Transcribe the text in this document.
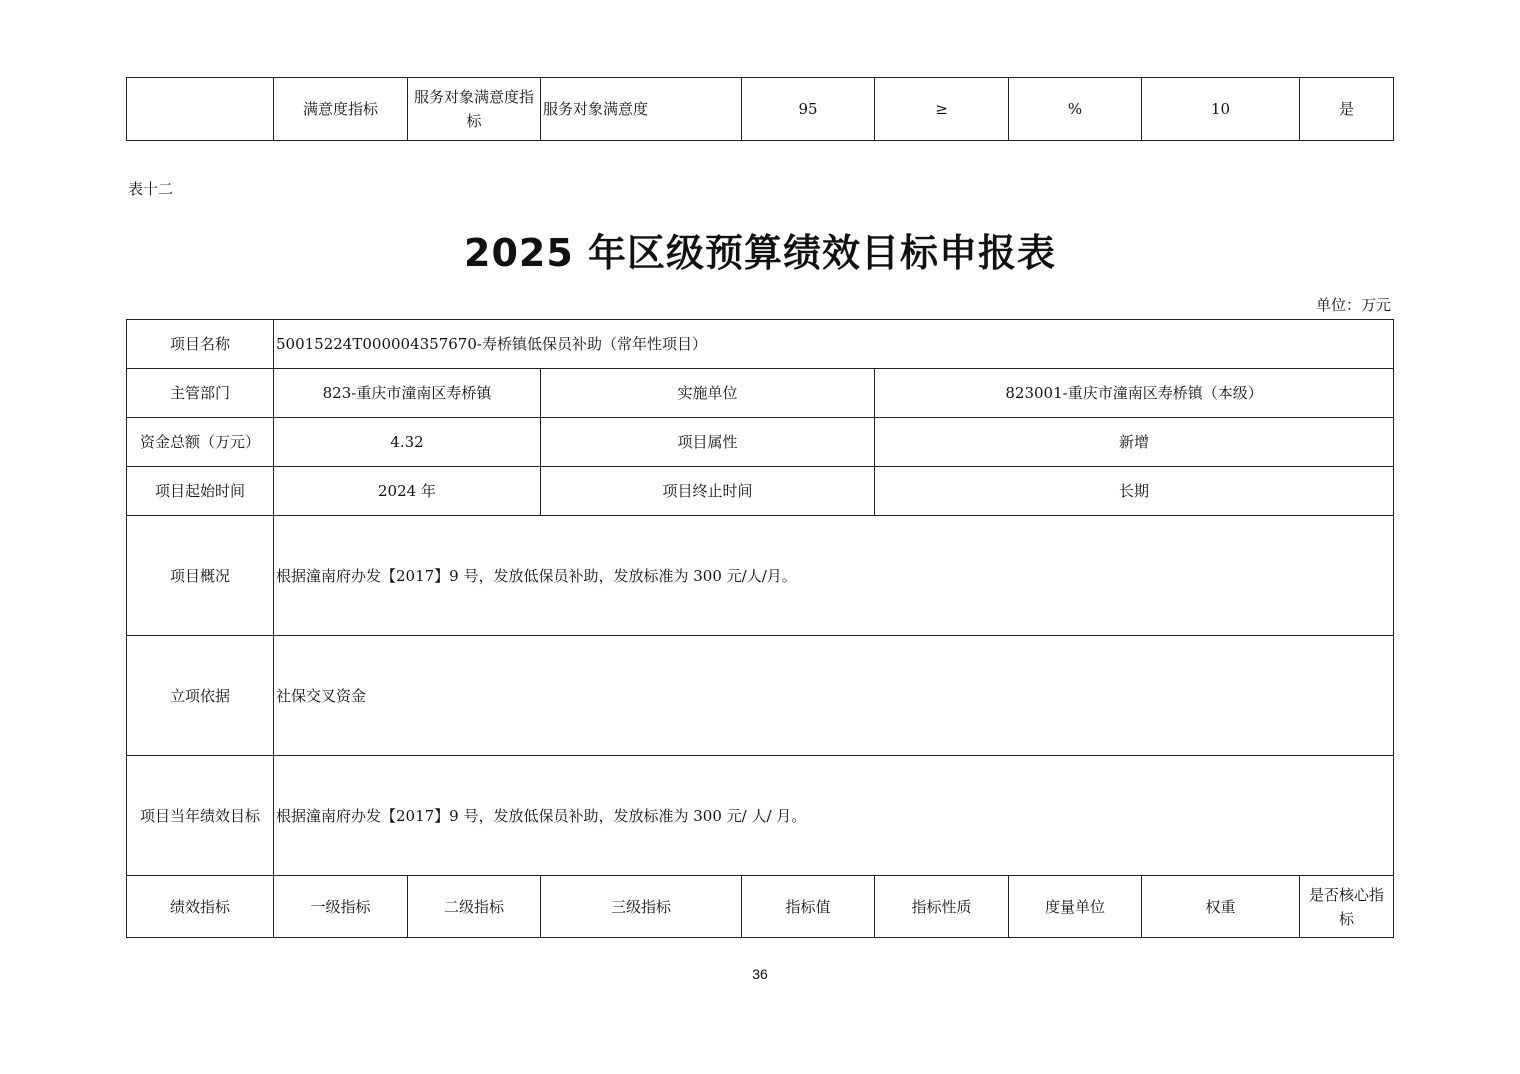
	满意度指标	服务对象满意度指标	服务对象满意度	95	≥	%	10	是
表十二
2025 年区级预算绩效目标申报表
单位：万元
项目名称	50015224T000004357670-寿桥镇低保员补助（常年性项目）							
主管部门	823-重庆市潼南区寿桥镇		实施单位		823001-重庆市潼南区寿桥镇（本级）			
资金总额（万元）	4.32		项目属性		新增			
项目起始时间	2024 年		项目终止时间		长期			
项目概况	根据潼南府办发【2017】9 号，发放低保员补助，发放标准为 300 元/人/月。							
立项依据	社保交叉资金							
项目当年绩效目标	根据潼南府办发【2017】9 号，发放低保员补助，发放标准为 300 元/ 人/ 月。							
绩效指标	一级指标	二级指标	三级指标	指标值	指标性质	度量单位	权重	是否核心指标
36
